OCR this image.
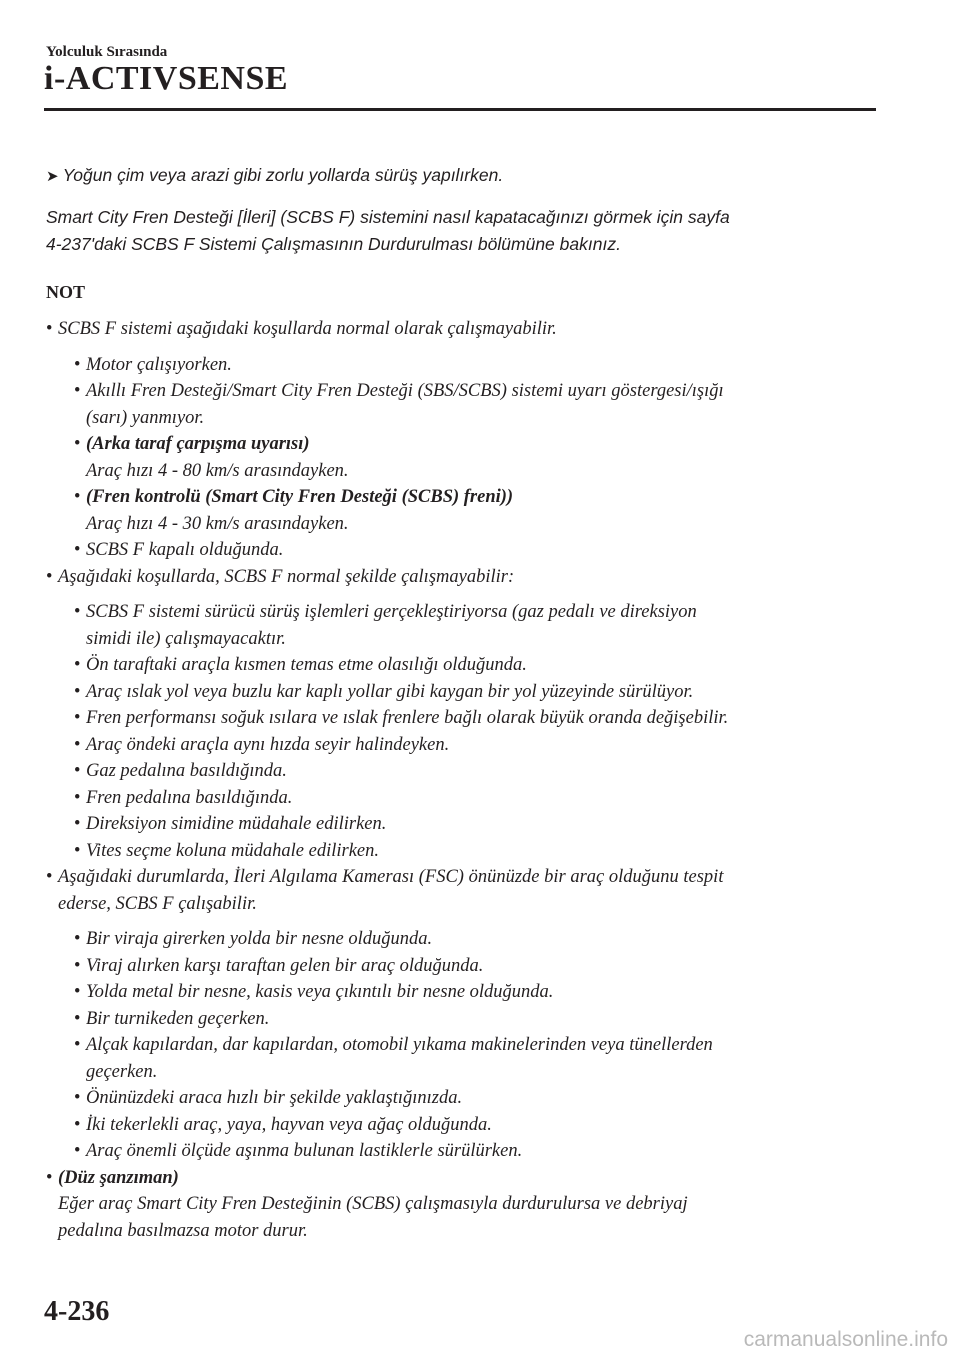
Yolculuk Sırasında
i-ACTIVSENSE
➤ Yoğun çim veya arazi gibi zorlu yollarda sürüş yapılırken.
Smart City Fren Desteği [İleri] (SCBS F) sistemini nasıl kapatacağınızı görmek için sayfa
4-237'daki SCBS F Sistemi Çalışmasının Durdurulması bölümüne bakınız.
NOT
• SCBS F sistemi aşağıdaki koşullarda normal olarak çalışmayabilir.
• Motor çalışıyorken.
• Akıllı Fren Desteği/Smart City Fren Desteği (SBS/SCBS) sistemi uyarı göstergesi/ışığı
(sarı) yanmıyor.
• (Arka taraf çarpışma uyarısı)
Araç hızı 4 - 80 km/s arasındayken.
• (Fren kontrolü (Smart City Fren Desteği (SCBS) freni))
Araç hızı 4 - 30 km/s arasındayken.
• SCBS F kapalı olduğunda.
• Aşağıdaki koşullarda, SCBS F normal şekilde çalışmayabilir:
• SCBS F sistemi sürücü sürüş işlemleri gerçekleştiriyorsa (gaz pedalı ve direksiyon
simidi ile) çalışmayacaktır.
• Ön taraftaki araçla kısmen temas etme olasılığı olduğunda.
• Araç ıslak yol veya buzlu kar kaplı yollar gibi kaygan bir yol yüzeyinde sürülüyor.
• Fren performansı soğuk ısılara ve ıslak frenlere bağlı olarak büyük oranda değişebilir.
• Araç öndeki araçla aynı hızda seyir halindeyken.
• Gaz pedalına basıldığında.
• Fren pedalına basıldığında.
• Direksiyon simidine müdahale edilirken.
• Vites seçme koluna müdahale edilirken.
• Aşağıdaki durumlarda, İleri Algılama Kamerası (FSC) önünüzde bir araç olduğunu tespit
ederse, SCBS F çalışabilir.
• Bir viraja girerken yolda bir nesne olduğunda.
• Viraj alırken karşı taraftan gelen bir araç olduğunda.
• Yolda metal bir nesne, kasis veya çıkıntılı bir nesne olduğunda.
• Bir turnikeden geçerken.
• Alçak kapılardan, dar kapılardan, otomobil yıkama makinelerinden veya tünellerden
geçerken.
• Önünüzdeki araca hızlı bir şekilde yaklaştığınızda.
• İki tekerlekli araç, yaya, hayvan veya ağaç olduğunda.
• Araç önemli ölçüde aşınma bulunan lastiklerle sürülürken.
• (Düz şanzıman)
Eğer araç Smart City Fren Desteğinin (SCBS) çalışmasıyla durdurulursa ve debriyaj
pedalına basılmazsa motor durur.
4-236
carmanualsonline.info
